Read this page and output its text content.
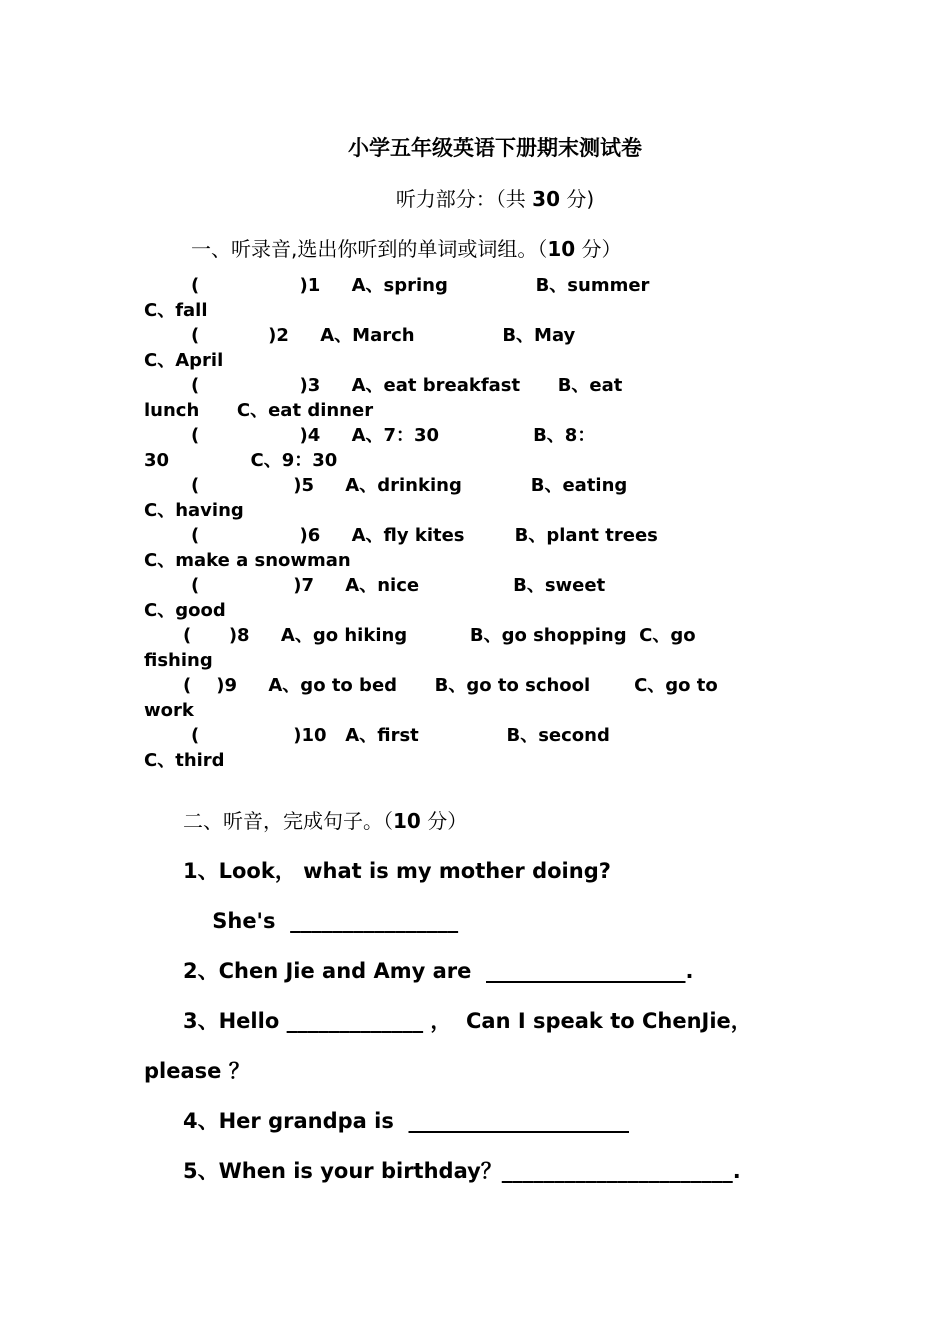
小学五年级英语下册期末测试卷
听力部分：（共 30 分)
一、听录音,选出你听到的单词或词组。（10 分）
(                )1     A、spring              B、summer
C、fall
(           )2     A、March              B、May
C、April
(                )3     A、eat breakfast      B、eat
lunch      C、eat dinner
(                )4     A、7：30               B、8：
30             C、9：30
(               )5     A、drinking           B、eating
C、having
(                )6     A、fly kites        B、plant trees
C、make a snowman
(               )7     A、nice               B、sweet
C、good
(      )8     A、go hiking          B、go shopping  C、go
fishing
(    )9     A、go to bed      B、go to school       C、go to
work
(               )10   A、first              B、second
C、third
二、听音，完成句子。（10 分）
1、Look， what is my mother doing?
She's  ________________
2、Chen Jie and Amy are  ___________________.
3、Hello _____________ ，  Can I speak to ChenJie，
please ？
4、Her grandpa is  _____________________
5、When is your birthday？______________________.
